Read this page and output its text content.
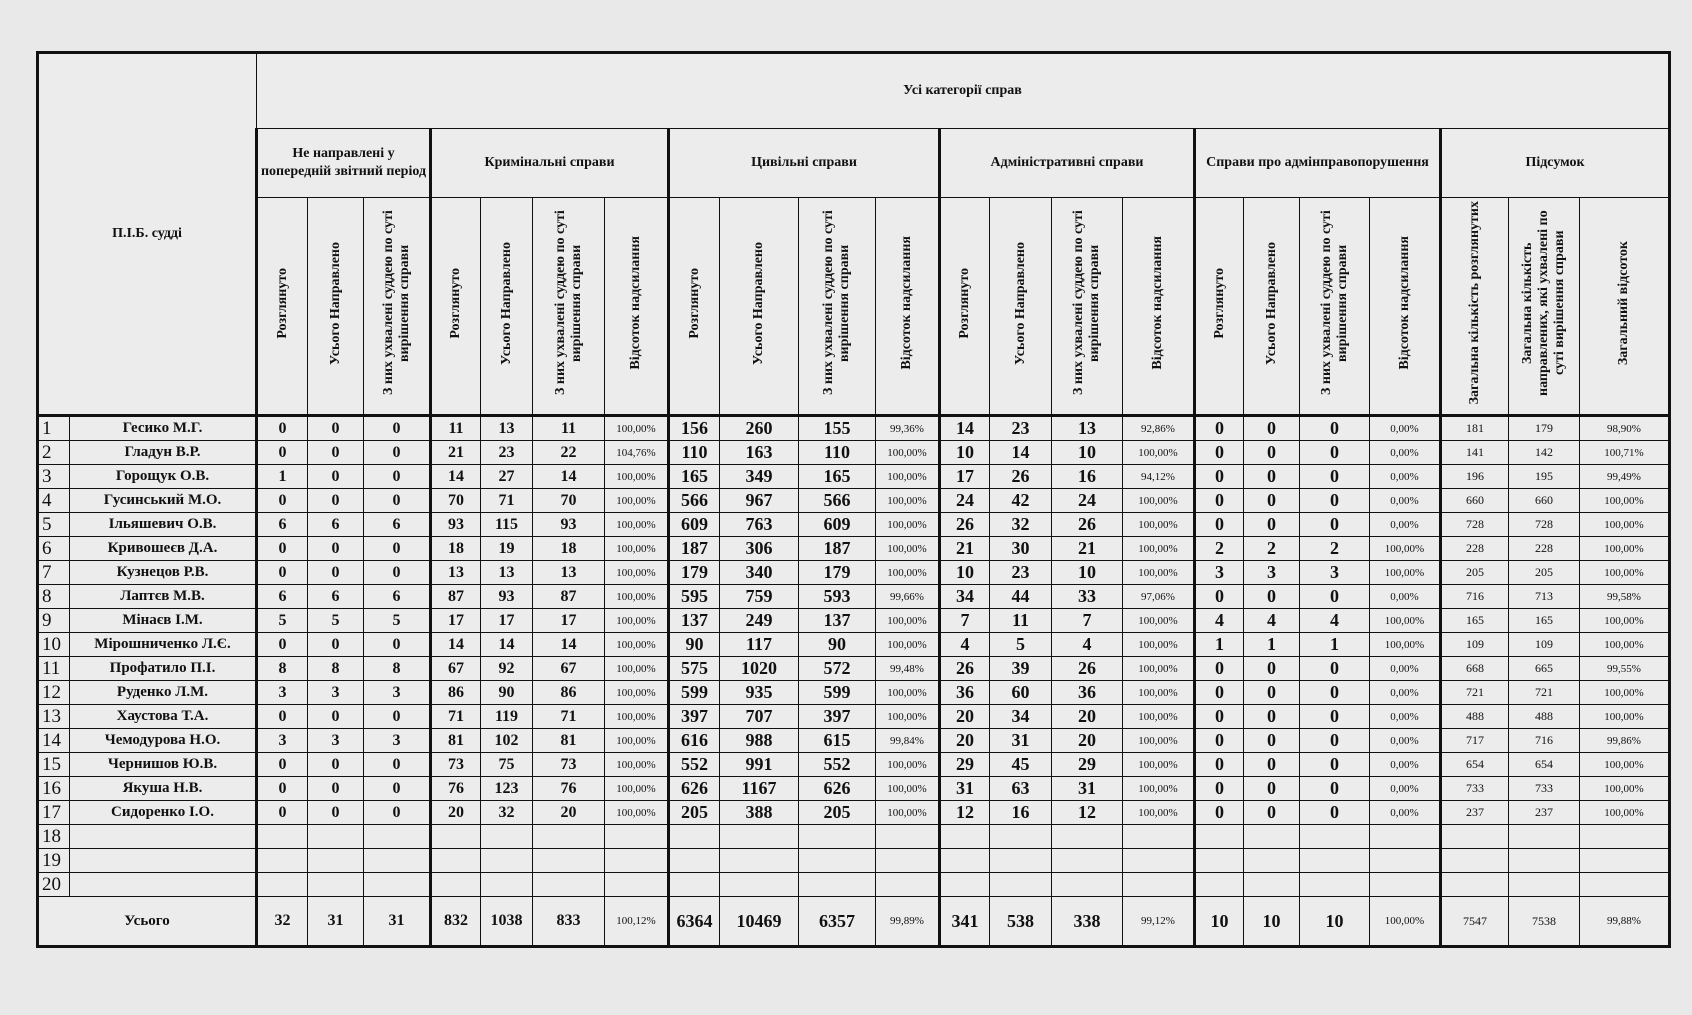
П.І.Б. судді		Усі категорії справ																					
		Не направлені у попередній звітний період			Кримінальні справи				Цивільні справи				Адміністративні справи				Справи про адмінправопорушення				Підсумок		
		Розглянуто	Усього Направлено	З них ухвалені суддею по суті вирішення справи	Розглянуто	Усього Направлено	З них ухвалені суддею по суті вирішення справи	Відсоток надсилання	Розглянуто	Усього Направлено	З них ухвалені суддею по суті вирішення справи	Відсоток надсилання	Розглянуто	Усього Направлено	З них ухвалені суддею по суті вирішення справи	Відсоток надсилання	Розглянуто	Усього Направлено	З них ухвалені суддею по суті вирішення справи	Відсоток надсилання	Загальна кількість розглянутих	Загальна кількість направлених, які ухвалені по суті вирішення справи	Загальний відсоток
1	Гесико М.Г.	0	0	0	11	13	11	100,00%	156	260	155	99,36%	14	23	13	92,86%	0	0	0	0,00%	181	179	98,90%
2	Гладун В.Р.	0	0	0	21	23	22	104,76%	110	163	110	100,00%	10	14	10	100,00%	0	0	0	0,00%	141	142	100,71%
3	Горощук О.В.	1	0	0	14	27	14	100,00%	165	349	165	100,00%	17	26	16	94,12%	0	0	0	0,00%	196	195	99,49%
4	Гусинський М.О.	0	0	0	70	71	70	100,00%	566	967	566	100,00%	24	42	24	100,00%	0	0	0	0,00%	660	660	100,00%
5	Ільяшевич О.В.	6	6	6	93	115	93	100,00%	609	763	609	100,00%	26	32	26	100,00%	0	0	0	0,00%	728	728	100,00%
6	Кривошеєв Д.А.	0	0	0	18	19	18	100,00%	187	306	187	100,00%	21	30	21	100,00%	2	2	2	100,00%	228	228	100,00%
7	Кузнецов Р.В.	0	0	0	13	13	13	100,00%	179	340	179	100,00%	10	23	10	100,00%	3	3	3	100,00%	205	205	100,00%
8	Лаптєв М.В.	6	6	6	87	93	87	100,00%	595	759	593	99,66%	34	44	33	97,06%	0	0	0	0,00%	716	713	99,58%
9	Мінаєв І.М.	5	5	5	17	17	17	100,00%	137	249	137	100,00%	7	11	7	100,00%	4	4	4	100,00%	165	165	100,00%
10	Мірошниченко Л.Є.	0	0	0	14	14	14	100,00%	90	117	90	100,00%	4	5	4	100,00%	1	1	1	100,00%	109	109	100,00%
11	Профатило П.І.	8	8	8	67	92	67	100,00%	575	1020	572	99,48%	26	39	26	100,00%	0	0	0	0,00%	668	665	99,55%
12	Руденко Л.М.	3	3	3	86	90	86	100,00%	599	935	599	100,00%	36	60	36	100,00%	0	0	0	0,00%	721	721	100,00%
13	Хаустова Т.А.	0	0	0	71	119	71	100,00%	397	707	397	100,00%	20	34	20	100,00%	0	0	0	0,00%	488	488	100,00%
14	Чемодурова Н.О.	3	3	3	81	102	81	100,00%	616	988	615	99,84%	20	31	20	100,00%	0	0	0	0,00%	717	716	99,86%
15	Чернишов Ю.В.	0	0	0	73	75	73	100,00%	552	991	552	100,00%	29	45	29	100,00%	0	0	0	0,00%	654	654	100,00%
16	Якуша Н.В.	0	0	0	76	123	76	100,00%	626	1167	626	100,00%	31	63	31	100,00%	0	0	0	0,00%	733	733	100,00%
17	Сидоренко І.О.	0	0	0	20	32	20	100,00%	205	388	205	100,00%	12	16	12	100,00%	0	0	0	0,00%	237	237	100,00%
18																							
19																							
20																							
Усього		32	31	31	832	1038	833	100,12%	6364	10469	6357	99,89%	341	538	338	99,12%	10	10	10	100,00%	7547	7538	99,88%
